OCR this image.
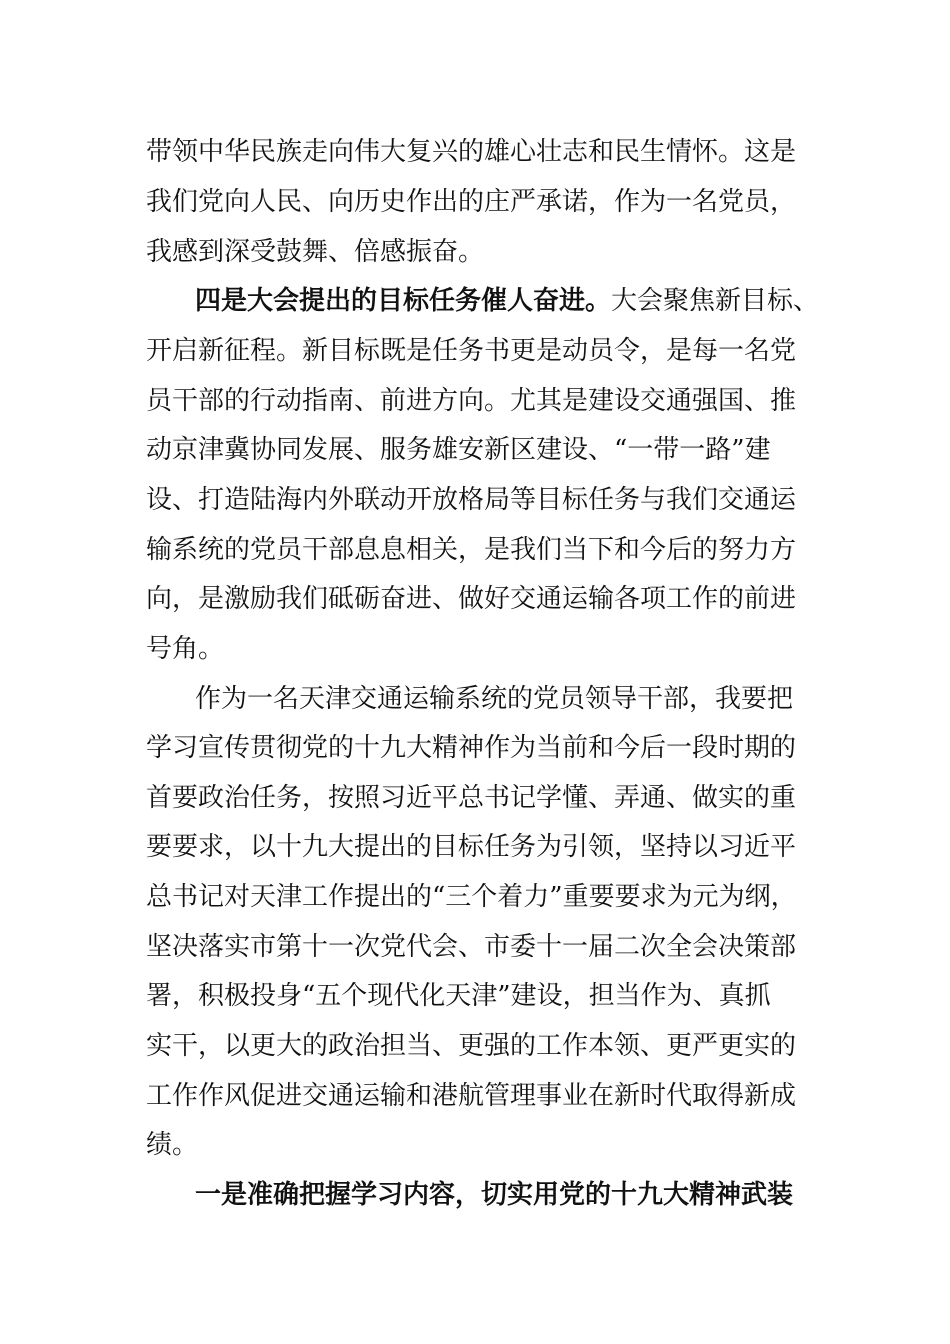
带领中华民族走向伟大复兴的雄心壮志和民生情怀。这是
我们党向人民、向历史作出的庄严承诺，作为一名党员，
我感到深受鼓舞、倍感振奋。
四是大会提出的目标任务催人奋进。大会聚焦新目标、
开启新征程。新目标既是任务书更是动员令，是每一名党
员干部的行动指南、前进方向。尤其是建设交通强国、推
动京津冀协同发展、服务雄安新区建设、“一带一路”建
设、打造陆海内外联动开放格局等目标任务与我们交通运
输系统的党员干部息息相关，是我们当下和今后的努力方
向，是激励我们砥砺奋进、做好交通运输各项工作的前进
号角。
作为一名天津交通运输系统的党员领导干部，我要把
学习宣传贯彻党的十九大精神作为当前和今后一段时期的
首要政治任务，按照习近平总书记学懂、弄通、做实的重
要要求，以十九大提出的目标任务为引领，坚持以习近平
总书记对天津工作提出的“三个着力”重要要求为元为纲，
坚决落实市第十一次党代会、市委十一届二次全会决策部
署，积极投身“五个现代化天津”建设，担当作为、真抓
实干，以更大的政治担当、更强的工作本领、更严更实的
工作作风促进交通运输和港航管理事业在新时代取得新成
绩。
一是准确把握学习内容，切实用党的十九大精神武装
